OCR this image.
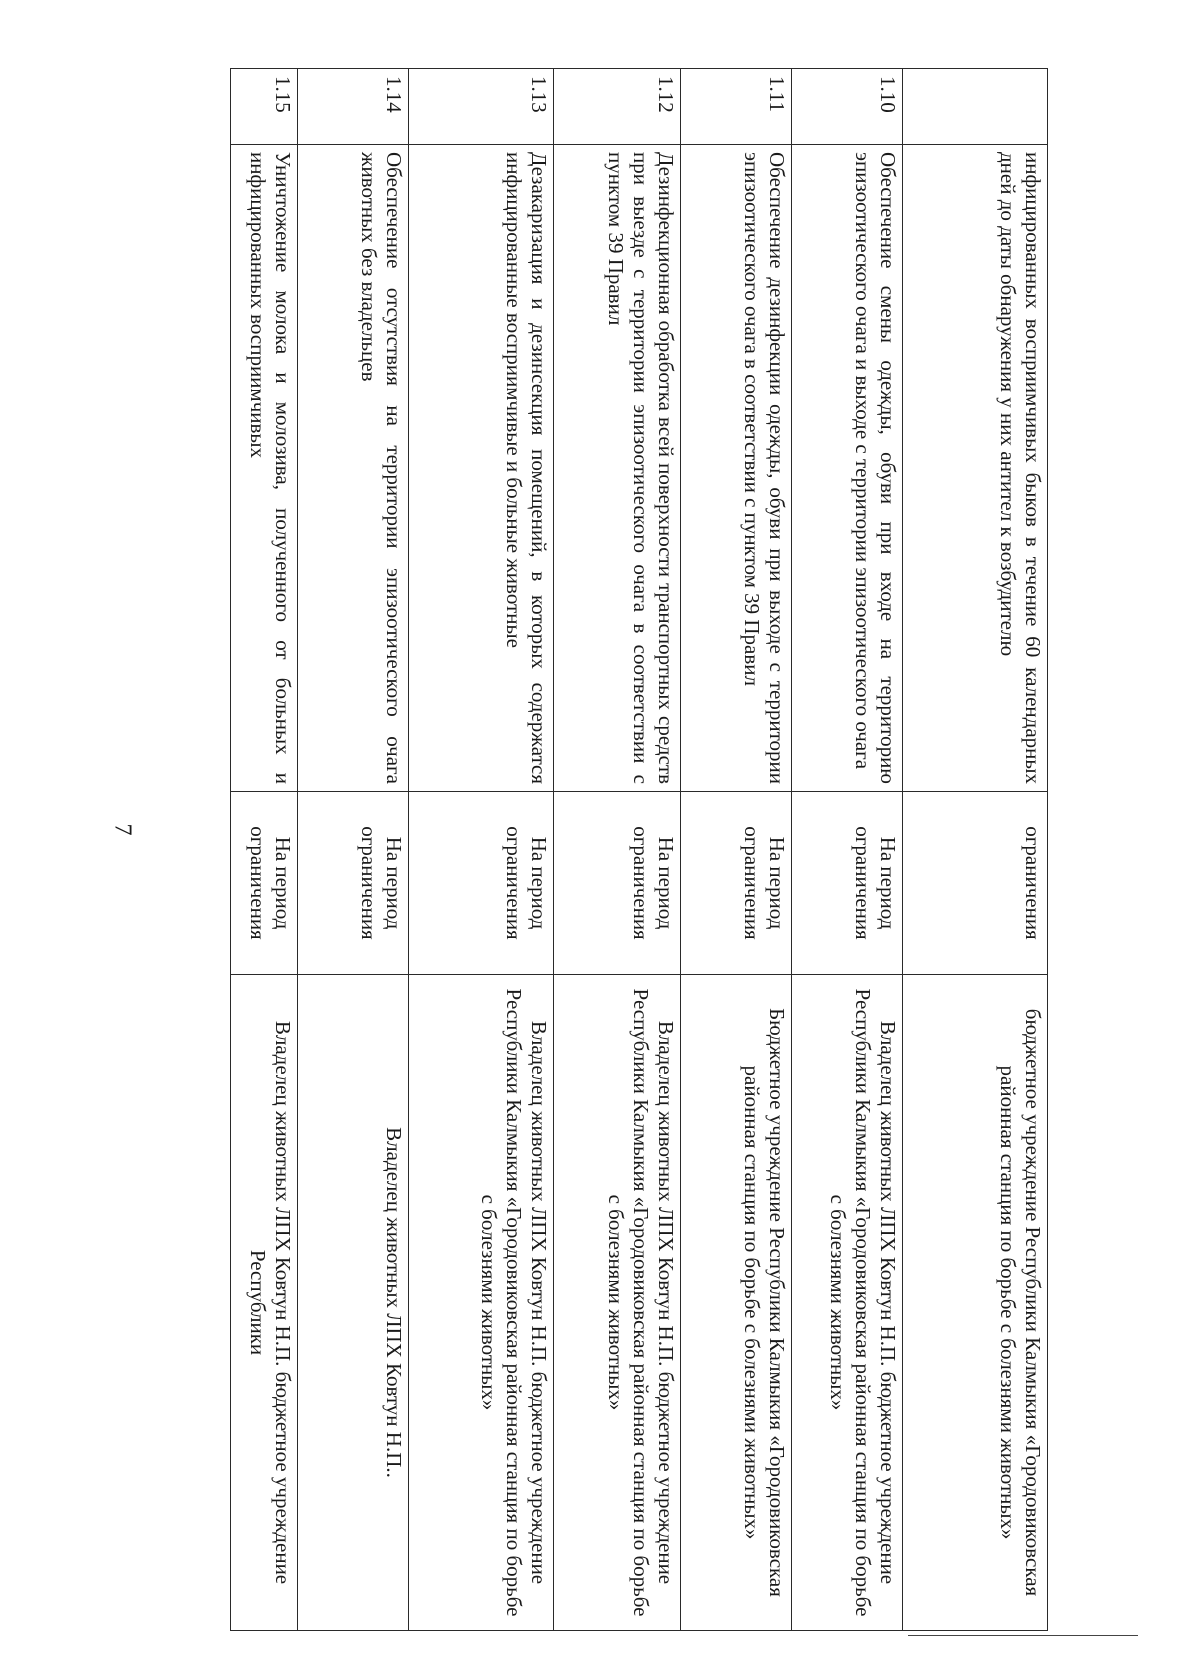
	инфицированных восприимчивых быков в течение 60 календарных дней до даты обнаружения у них антител к возбудителю	ограничения	бюджетное учреждение Республики Калмыкия «Городовиковская районная станция по борьбе с болезнями животных»
1.10	Обеспечение смены одежды, обуви при входе на территорию эпизоотического очага и выходе с территории эпизоотического очага	На период ограничения	Владелец животных ЛПХ Ковтун Н.П. бюджетное учреждение Республики Калмыкия «Городовиковская районная станция по борьбе с болезнями животных»
1.11	Обеспечение дезинфекции одежды, обуви при выходе с территории эпизоотического очага в соответствии с пунктом 39 Правил	На период ограничения	Бюджетное учреждение Республики Калмыкия «Городовиковская районная станция по борьбе с болезнями животных»
1.12	Дезинфекционная обработка всей поверхности транспортных средств при выезде с территории эпизоотического очага в соответствии с пунктом 39 Правил	На период ограничения	Владелец животных ЛПХ Ковтун Н.П. бюджетное учреждение Республики Калмыкия «Городовиковская районная станция по борьбе с болезнями животных»
1.13	Дезакаризация и дезинсекция помещений, в которых содержатся инфицированные восприимчивые и больные животные	На период ограничения	Владелец животных ЛПХ Ковтун Н.П. бюджетное учреждение Республики Калмыкия «Городовиковская районная станция по борьбе с болезнями животных»
1.14	Обеспечение отсутствия на территории эпизоотического очага животных без владельцев	На период ограничения	Владелец животных ЛПХ Ковтун Н.П..
1.15	Уничтожение молока и молозива, полученного от больных и инфицированных восприимчивых	На период ограничения	Владелец животных ЛПХ Ковтун Н.П. бюджетное учреждение Республики
7
